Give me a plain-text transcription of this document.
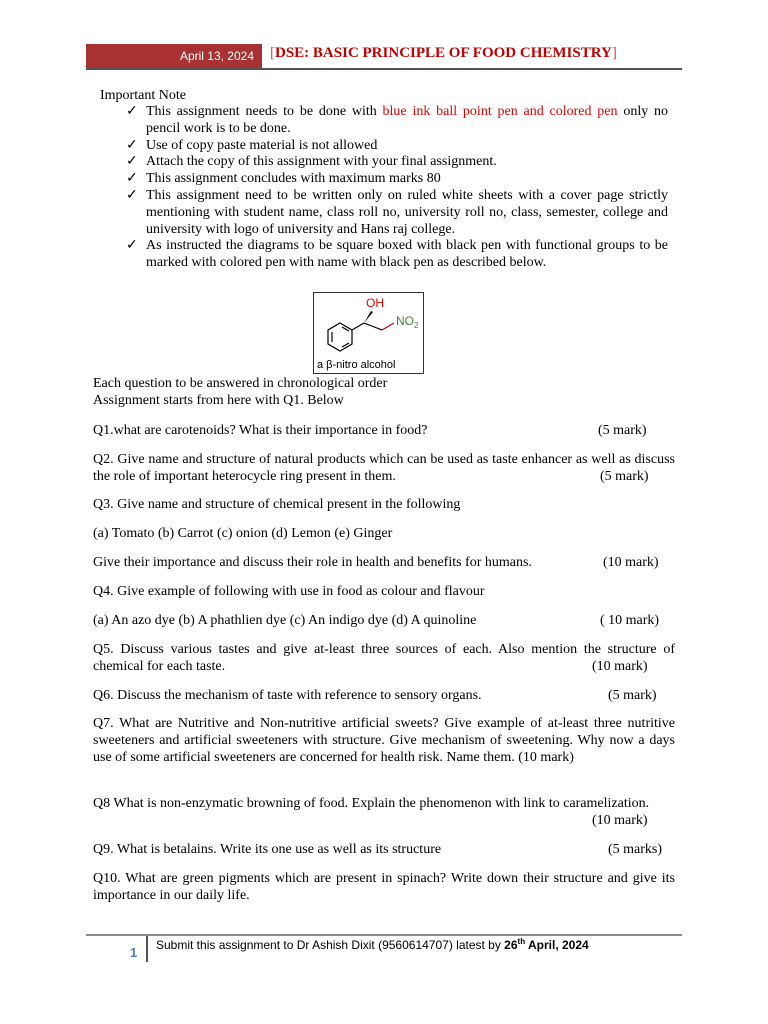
April 13, 2024	[DSE: BASIC PRINCIPLE OF FOOD CHEMISTRY]
Important Note
✓ This assignment needs to be done with blue ink ball point pen and colored pen only no pencil work is to be done.
✓ Use of copy paste material is not allowed
✓ Attach the copy of this assignment with your final assignment.
✓ This assignment concludes with maximum marks 80
✓ This assignment need to be written only on ruled white sheets with a cover page strictly mentioning with student name, class roll no, university roll no, class, semester, college and university with logo of university and Hans raj college.
✓ As instructed the diagrams to be square boxed with black pen with functional groups to be marked with colored pen with name with black pen as described below.
OH
$NO_2$
a β-nitro alcohol
Each question to be answered in chronological order
Assignment starts from here with Q1. Below
Q1.what are carotenoids? What is their importance in food?	(5 mark)
Q2. Give name and structure of natural products which can be used as taste enhancer as well as discuss the role of important heterocycle ring present in them.	(5 mark)
Q3. Give name and structure of chemical present in the following
(a) Tomato (b) Carrot (c) onion (d) Lemon (e) Ginger
Give their importance and discuss their role in health and benefits for humans.	(10 mark)
Q4. Give example of following with use in food as colour and flavour
(a) An azo dye (b) A phathlien dye (c) An indigo dye (d) A quinoline	( 10 mark)
Q5. Discuss various tastes and give at-least three sources of each. Also mention the structure of chemical for each taste.	(10 mark)
Q6. Discuss the mechanism of taste with reference to sensory organs.	(5 mark)
Q7. What are Nutritive and Non-nutritive artificial sweets? Give example of at-least three nutritive sweeteners and artificial sweeteners with structure. Give mechanism of sweetening. Why now a days use of some artificial sweeteners are concerned for health risk. Name them. (10 mark)
Q8 What is non-enzymatic browning of food. Explain the phenomenon with link to caramelization.
(10 mark)
Q9. What is betalains. Write its one use as well as its structure	(5 marks)
Q10. What are green pigments which are present in spinach? Write down their structure and give its importance in our daily life.
1 Submit this assignment to Dr Ashish Dixit (9560614707) latest by 26th April, 2024
